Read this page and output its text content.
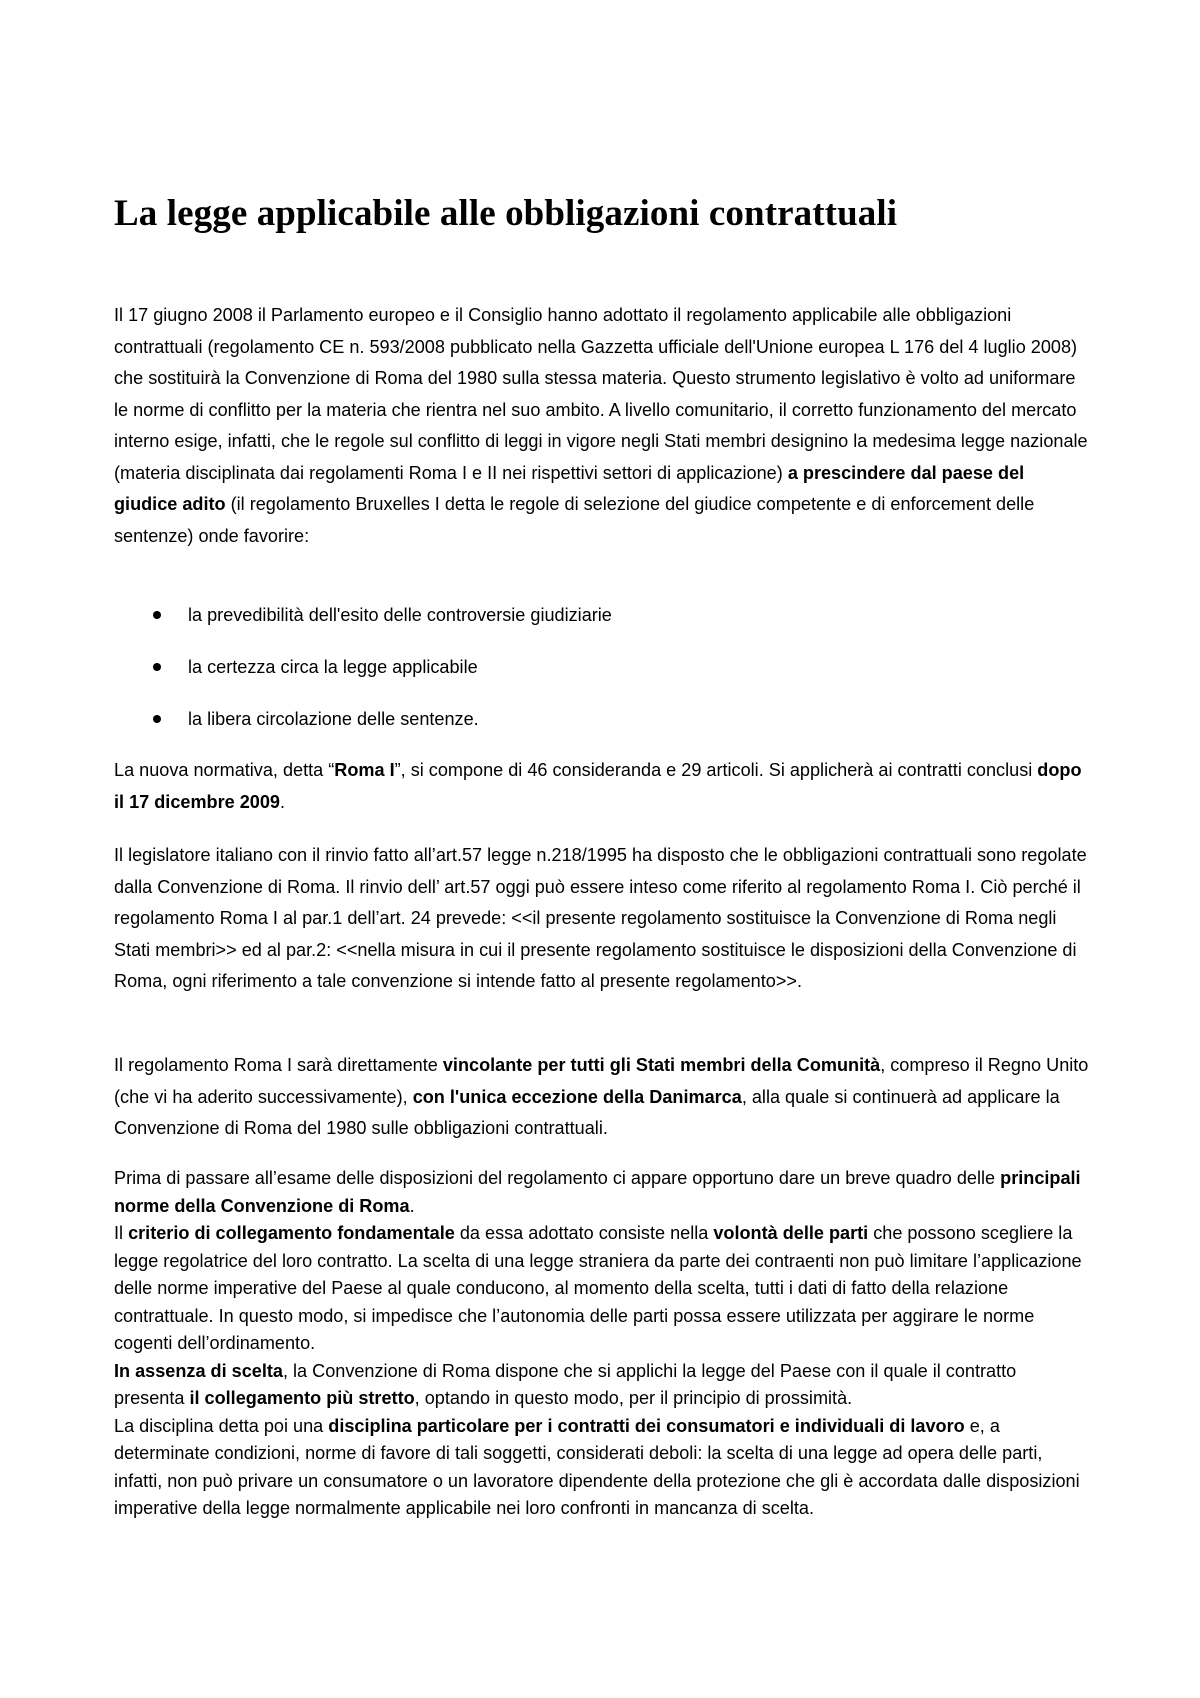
La legge applicabile alle obbligazioni contrattuali

Il 17 giugno 2008 il Parlamento europeo e il Consiglio hanno adottato il regolamento applicabile alle obbligazioni contrattuali (regolamento CE n. 593/2008 pubblicato nella Gazzetta ufficiale dell'Unione europea L 176 del 4 luglio 2008) che sostituirà la Convenzione di Roma del 1980 sulla stessa materia. Questo strumento legislativo è volto ad uniformare le norme di conflitto per la materia che rientra nel suo ambito. A livello comunitario, il corretto funzionamento del mercato interno esige, infatti, che le regole sul conflitto di leggi in vigore negli Stati membri designino la medesima legge nazionale (materia disciplinata dai regolamenti Roma I e II nei rispettivi settori di applicazione) a prescindere dal paese del giudice adito (il regolamento Bruxelles I detta le regole di selezione del giudice competente e di enforcement delle sentenze) onde favorire:

la prevedibilità dell'esito delle controversie giudiziarie
la certezza circa la legge applicabile
la libera circolazione delle sentenze.

La nuova normativa, detta “Roma I”, si compone di 46 consideranda e 29 articoli. Si applicherà ai contratti conclusi dopo il 17 dicembre 2009.

Il legislatore italiano con il rinvio fatto all’art.57 legge n.218/1995 ha disposto che le obbligazioni contrattuali sono regolate dalla Convenzione di Roma. Il rinvio dell’ art.57 oggi può essere inteso come riferito al regolamento Roma I. Ciò perché il regolamento Roma I al par.1 dell’art. 24 prevede: <<il presente regolamento sostituisce la Convenzione di Roma negli Stati membri>> ed al par.2: <<nella misura in cui il presente regolamento sostituisce le disposizioni della Convenzione di Roma, ogni riferimento a tale convenzione si intende fatto al presente regolamento>>.

Il regolamento Roma I sarà direttamente vincolante per tutti gli Stati membri della Comunità, compreso il Regno Unito (che vi ha aderito successivamente), con l'unica eccezione della Danimarca, alla quale si continuerà ad applicare la Convenzione di Roma del 1980 sulle obbligazioni contrattuali.

Prima di passare all’esame delle disposizioni del regolamento ci appare opportuno dare un breve quadro delle principali norme della Convenzione di Roma.
Il criterio di collegamento fondamentale da essa adottato consiste nella volontà delle parti che possono scegliere la legge regolatrice del loro contratto. La scelta di una legge straniera da parte dei contraenti non può limitare l’applicazione delle norme imperative del Paese al quale conducono, al momento della scelta, tutti i dati di fatto della relazione contrattuale. In questo modo, si impedisce che l’autonomia delle parti possa essere utilizzata per aggirare le norme cogenti dell’ordinamento.
In assenza di scelta, la Convenzione di Roma dispone che si applichi la legge del Paese con il quale il contratto presenta il collegamento più stretto, optando in questo modo, per il principio di prossimità.
La disciplina detta poi una disciplina particolare per i contratti dei consumatori e individuali di lavoro e, a determinate condizioni, norme di favore di tali soggetti, considerati deboli: la scelta di una legge ad opera delle parti, infatti, non può privare un consumatore o un lavoratore dipendente della protezione che gli è accordata dalle disposizioni imperative della legge normalmente applicabile nei loro confronti in mancanza di scelta.
